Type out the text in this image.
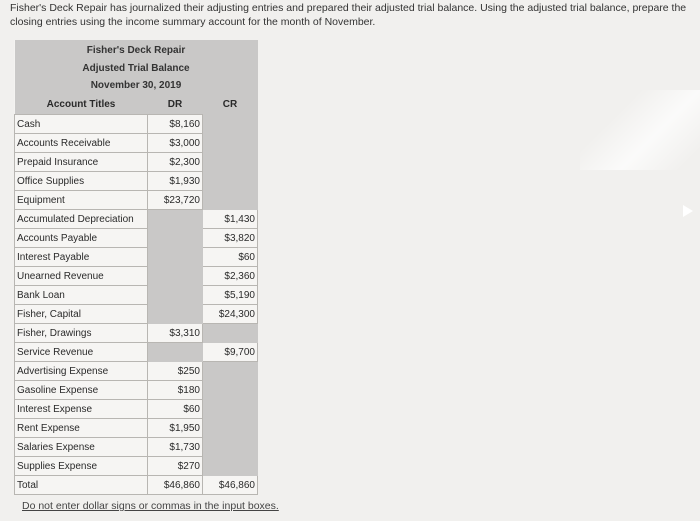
Fisher's Deck Repair has journalized their adjusting entries and prepared their adjusted trial balance. Using the adjusted trial balance, prepare the closing entries using the income summary account for the month of November.
Fisher's Deck Repair		
Adjusted Trial Balance		
November 30, 2019		
Account Titles	DR	CR
Cash	$8,160	
Accounts Receivable	$3,000	
Prepaid Insurance	$2,300	
Office Supplies	$1,930	
Equipment	$23,720	
Accumulated Depreciation		$1,430
Accounts Payable		$3,820
Interest Payable		$60
Unearned Revenue		$2,360
Bank Loan		$5,190
Fisher, Capital		$24,300
Fisher, Drawings	$3,310	
Service Revenue		$9,700
Advertising Expense	$250	
Gasoline Expense	$180	
Interest Expense	$60	
Rent Expense	$1,950	
Salaries Expense	$1,730	
Supplies Expense	$270	
Total	$46,860	$46,860
Do not enter dollar signs or commas in the input boxes.
